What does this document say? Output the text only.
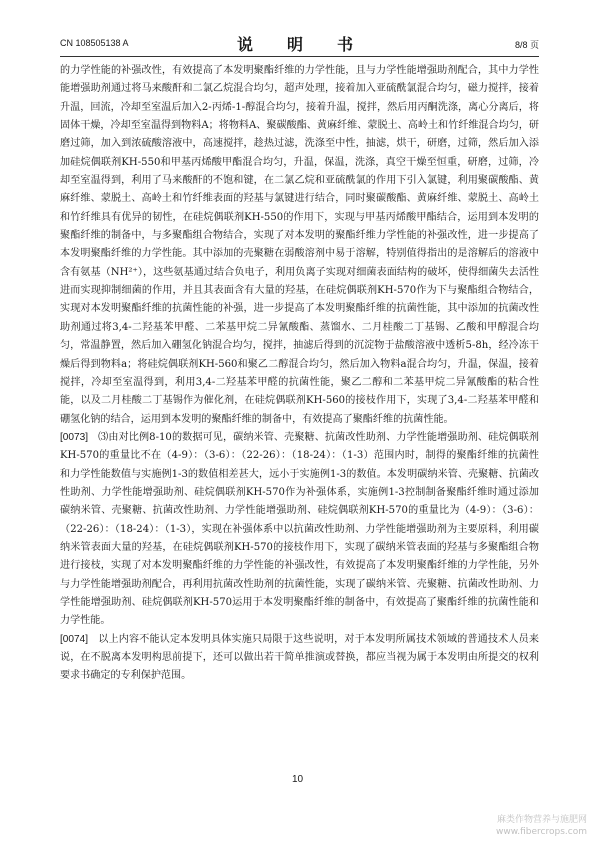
CN 108505138 A	说　明　书	8/8 页

的力学性能的补强改性，有效提高了本发明聚酯纤维的力学性能，且与力学性能增强助剂配合，其中力学性能增强助剂通过将马来酸酐和二氯乙烷混合均匀，超声处理，接着加入亚硫酰氯混合均匀，磁力搅拌，接着升温，回流，冷却至室温后加入2-丙烯-1-醇混合均匀，接着升温，搅拌，然后用丙酮洗涤，离心分离后，将固体干燥，冷却至室温得到物料A；将物料A、聚碳酸酯、黄麻纤维、蒙脱土、高岭土和竹纤维混合均匀，研磨过筛，加入到浓硫酸溶液中，高速搅拌，趁热过滤，洗涤至中性，抽滤，烘干，研磨，过筛，然后加入添加硅烷偶联剂KH-550和甲基丙烯酸甲酯混合均匀，升温，保温，洗涤，真空干燥至恒重，研磨，过筛，冷却至室温得到，利用了马来酸酐的不饱和键，在二氯乙烷和亚硫酰氯的作用下引入氯键，利用聚碳酸酯、黄麻纤维、蒙脱土、高岭土和竹纤维表面的羟基与氯键进行结合，同时聚碳酸酯、黄麻纤维、蒙脱土、高岭土和竹纤维具有优异的韧性，在硅烷偶联剂KH-550的作用下，实现与甲基丙烯酸甲酯结合，运用到本发明的聚酯纤维的制备中，与多聚酯组合物结合，实现了对本发明的聚酯纤维力学性能的补强改性，进一步提高了本发明聚酯纤维的力学性能。其中添加的壳聚糖在弱酸溶剂中易于溶解，特别值得指出的是溶解后的溶液中含有氨基（NH²⁺），这些氨基通过结合负电子，利用负离子实现对细菌表面结构的破坏，使得细菌失去活性进而实现抑制细菌的作用，并且其表面含有大量的羟基，在硅烷偶联剂KH-570作为下与聚酯组合物结合，实现对本发明聚酯纤维的抗菌性能的补强，进一步提高了本发明聚酯纤维的抗菌性能，其中添加的抗菌改性助剂通过将3,4-二羟基苯甲醛、二苯基甲烷二异氰酸酯、蒸馏水、二月桂酸二丁基锡、乙酸和甲醇混合均匀，常温静置，然后加入硼氢化钠混合均匀，搅拌，抽滤后得到的沉淀物于盐酸溶液中透析5-8h，经冷冻干燥后得到物料a；将硅烷偶联剂KH-560和聚乙二醇混合均匀，然后加入物料a混合均匀，升温，保温，接着搅拌，冷却至室温得到，利用3,4-二羟基苯甲醛的抗菌性能，聚乙二醇和二苯基甲烷二异氰酸酯的粘合性能，以及二月桂酸二丁基锡作为催化剂，在硅烷偶联剂KH-560的接枝作用下，实现了3,4-二羟基苯甲醛和硼氢化钠的结合，运用到本发明的聚酯纤维的制备中，有效提高了聚酯纤维的抗菌性能。

[0073] ⑶由对比例8-10的数据可见，碳纳米管、壳聚糖、抗菌改性助剂、力学性能增强助剂、硅烷偶联剂KH-570的重量比不在（4-9）：（3-6）：（22-26）：（18-24）：（1-3）范围内时，制得的聚酯纤维的抗菌性和力学性能数值与实施例1-3的数值相差甚大，远小于实施例1-3的数值。本发明碳纳米管、壳聚糖、抗菌改性助剂、力学性能增强助剂、硅烷偶联剂KH-570作为补强体系，实施例1-3控制制备聚酯纤维时通过添加碳纳米管、壳聚糖、抗菌改性助剂、力学性能增强助剂、硅烷偶联剂KH-570的重量比为（4-9）：（3-6）：（22-26）：（18-24）：（1-3），实现在补强体系中以抗菌改性助剂、力学性能增强助剂为主要原料，利用碳纳米管表面大量的羟基，在硅烷偶联剂KH-570的接枝作用下，实现了碳纳米管表面的羟基与多聚酯组合物进行接枝，实现了对本发明聚酯纤维的力学性能的补强改性，有效提高了本发明聚酯纤维的力学性能，另外与力学性能增强助剂配合，再利用抗菌改性助剂的抗菌性能，实现了碳纳米管、壳聚糖、抗菌改性助剂、力学性能增强助剂、硅烷偶联剂KH-570运用于本发明聚酯纤维的制备中，有效提高了聚酯纤维的抗菌性能和力学性能。

[0074] 以上内容不能认定本发明具体实施只局限于这些说明，对于本发明所属技术领域的普通技术人员来说，在不脱离本发明构思前提下，还可以做出若干简单推演或替换，都应当视为属于本发明由所提交的权利要求书确定的专利保护范围。

10
麻类作物营养与施肥网
www.fibercrops.com
